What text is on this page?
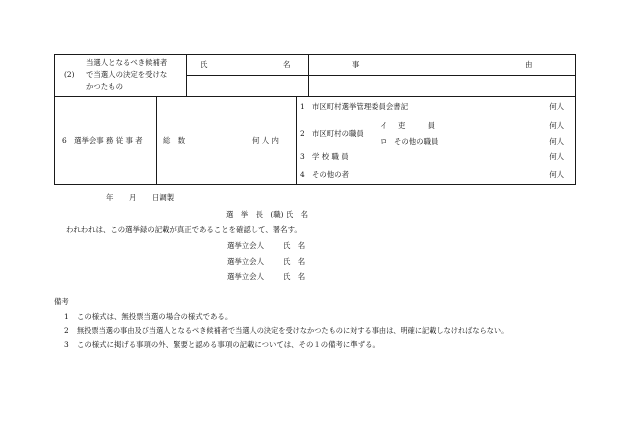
(2)
当選人となるべき候補者
で当選人の決定を受けな
かつたもの
氏	名	事	由
6　選挙会事 務 従 事 者	総　数	何 人 内
1 市区町村選挙管理委員会書記	何人
2 市区町村の職員
イ 吏　　　員	何人
ロ その他の職員	何人
3 学 校 職 員	何人
4 その他の者	何人
年 月 日調製
選　挙　長　(職) 氏　名
われわれは、この選挙録の記載が真正であることを確認して、署名す。
選挙立会人	氏　名
選挙立会人	氏　名
選挙立会人	氏　名
備考
1 この様式は、無投票当選の場合の様式である。
2 無投票当選の事由及び当選人となるべき候補者で当選人の決定を受けなかつたものに対する事由は、明確に記載しなければならない。
3 この様式に掲げる事項の外、緊要と認める事項の記載については、その１の備考に準ずる。
